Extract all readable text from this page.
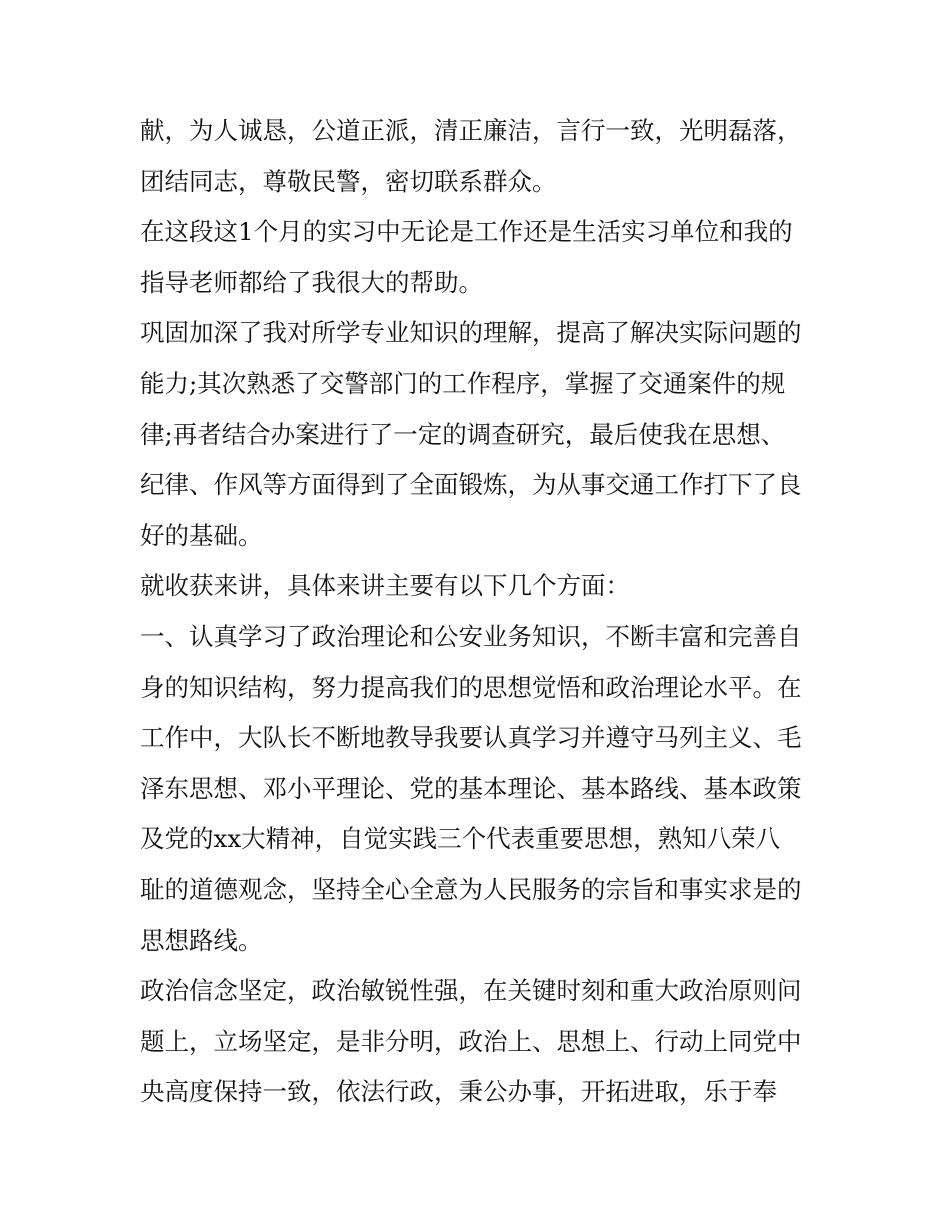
献，为人诚恳，公道正派，清正廉洁，言行一致，光明磊落，
团结同志，尊敬民警，密切联系群众。
在这段这1个月的实习中无论是工作还是生活实习单位和我的
指导老师都给了我很大的帮助。
巩固加深了我对所学专业知识的理解，提高了解决实际问题的
能力;其次熟悉了交警部门的工作程序，掌握了交通案件的规
律;再者结合办案进行了一定的调查研究，最后使我在思想、
纪律、作风等方面得到了全面锻炼，为从事交通工作打下了良
好的基础。
就收获来讲，具体来讲主要有以下几个方面：
一、认真学习了政治理论和公安业务知识，不断丰富和完善自
身的知识结构，努力提高我们的思想觉悟和政治理论水平。在
工作中，大队长不断地教导我要认真学习并遵守马列主义、毛
泽东思想、邓小平理论、党的基本理论、基本路线、基本政策
及党的xx大精神，自觉实践三个代表重要思想，熟知八荣八
耻的道德观念，坚持全心全意为人民服务的宗旨和事实求是的
思想路线。
政治信念坚定，政治敏锐性强，在关键时刻和重大政治原则问
题上，立场坚定，是非分明，政治上、思想上、行动上同党中
央高度保持一致，依法行政，秉公办事，开拓进取，乐于奉
